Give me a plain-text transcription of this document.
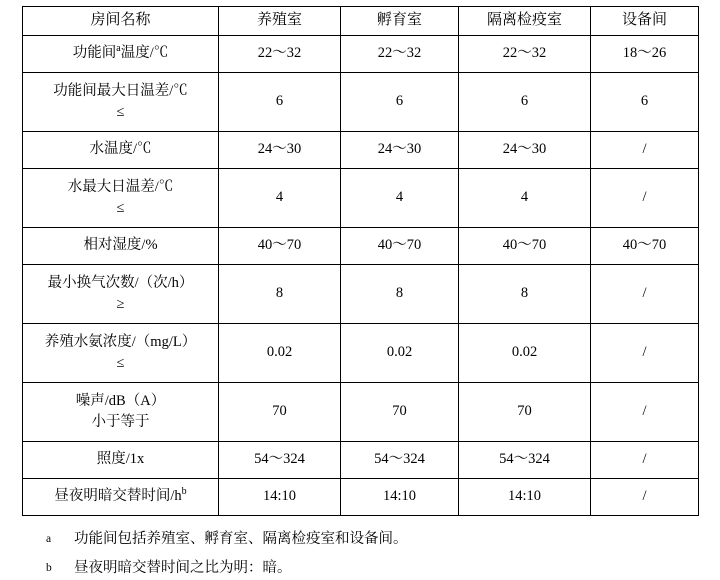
房间名称	养殖室	孵育室	隔离检疫室	设备间
功能间$^a$温度/℃	22～32	22～32	22～32	18～26

功能间最大日温差/℃
≤	6	6	6	6
水温度/℃	24～30	24～30	24～30	/

水最大日温差/℃
≤	4	4	4	/
相对湿度/%	40～70	40～70	40～70	40～70

最小换气次数/（次/h）
≥	8	8	8	/

养殖水氨浓度/（mg/L）
≤	0.02	0.02	0.02	/

噪声/dB（A）
小于等于	70	70	70	/
照度/1x	54～324	54～324	54～324	/
昼夜明暗交替时间$/h^b$	14:10	14:10	14:10	/
a	功能间包括养殖室、孵育室、隔离检疫室和设备间。
b	昼夜明暗交替时间之比为明：暗。
